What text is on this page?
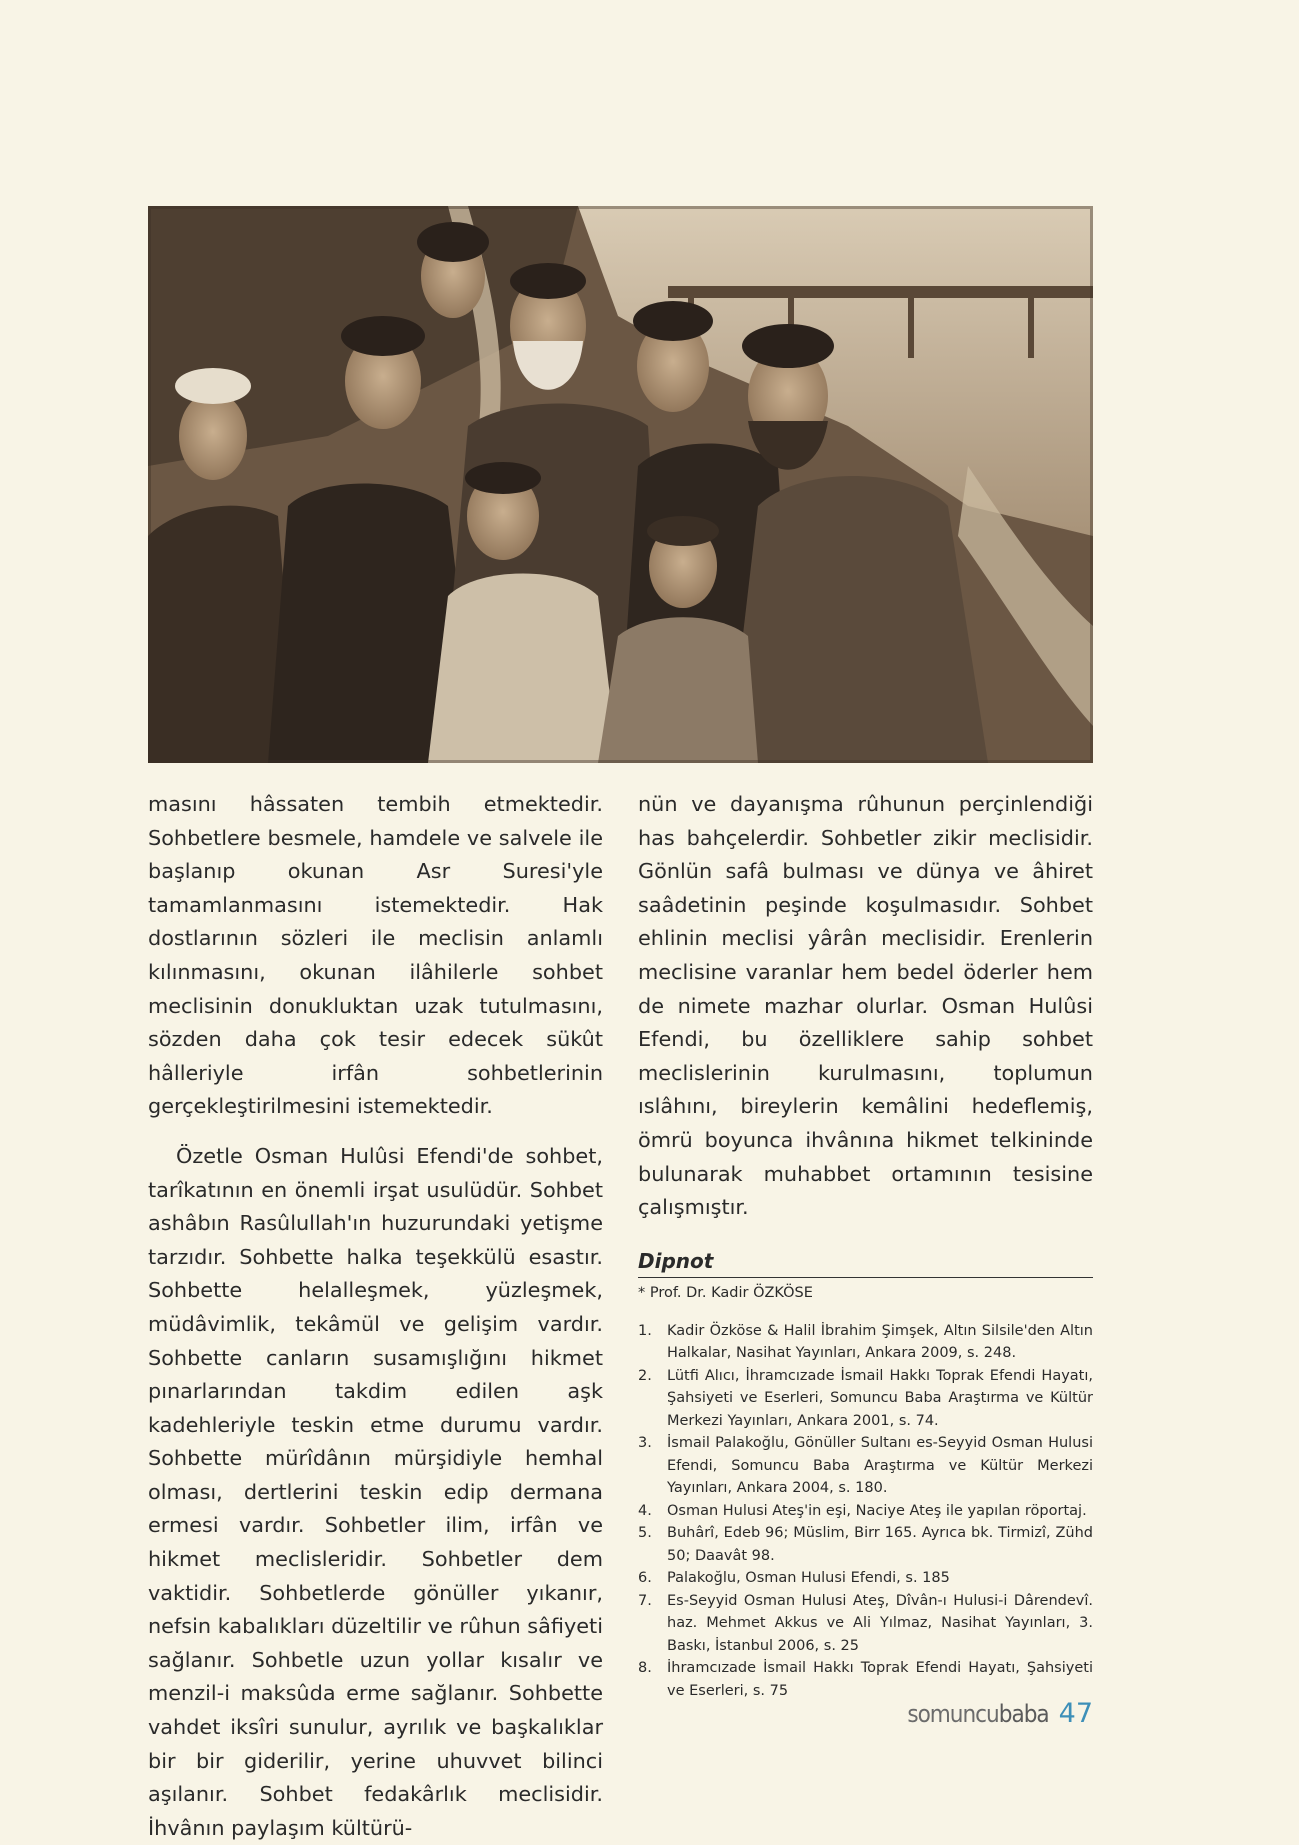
masını hâssaten tembih etmektedir. Sohbetlere besmele, hamdele ve salvele ile başlanıp okunan Asr Suresi'yle tamamlanmasını istemektedir. Hak dostlarının sözleri ile meclisin anlamlı kılınmasını, okunan ilâhilerle sohbet meclisinin donukluktan uzak tutulmasını, sözden daha çok tesir edecek sükût hâlleriyle irfân sohbetlerinin gerçekleştirilmesini istemektedir.

Özetle Osman Hulûsi Efendi'de sohbet, tarîkatının en önemli irşat usulüdür. Sohbet ashâbın Rasûlullah'ın huzurundaki yetişme tarzıdır. Sohbette halka teşekkülü esastır. Sohbette helalleşmek, yüzleşmek, müdâvimlik, tekâmül ve gelişim vardır. Sohbette canların susamışlığını hikmet pınarlarından takdim edilen aşk kadehleriyle teskin etme durumu vardır. Sohbette mürîdânın mürşidiyle hemhal olması, dertlerini teskin edip dermana ermesi vardır. Sohbetler ilim, irfân ve hikmet meclisleridir. Sohbetler dem vaktidir. Sohbetlerde gönüller yıkanır, nefsin kabalıkları düzeltilir ve rûhun sâfiyeti sağlanır. Sohbetle uzun yollar kısalır ve menzil-i maksûda erme sağlanır. Sohbette vahdet iksîri sunulur, ayrılık ve başkalıklar bir bir giderilir, yerine uhuvvet bilinci aşılanır. Sohbet fedakârlık meclisidir. İhvânın paylaşım kültürü-

nün ve dayanışma rûhunun perçinlendiği has bahçelerdir. Sohbetler zikir meclisidir. Gönlün safâ bulması ve dünya ve âhiret saâdetinin peşinde koşulmasıdır. Sohbet ehlinin meclisi yârân meclisidir. Erenlerin meclisine varanlar hem bedel öderler hem de nimete mazhar olurlar. Osman Hulûsi Efendi, bu özelliklere sahip sohbet meclislerinin kurulmasını, toplumun ıslâhını, bireylerin kemâlini hedeflemiş, ömrü boyunca ihvânına hikmet telkininde bulunarak muhabbet ortamının tesisine çalışmıştır.

Dipnot
* Prof. Dr. Kadir ÖZKÖSE
1.	Kadir Özköse & Halil İbrahim Şimşek, Altın Silsile'den Altın Halkalar, Nasihat Yayınları, Ankara 2009, s. 248.
2.	Lütfi Alıcı, İhramcızade İsmail Hakkı Toprak Efendi Hayatı, Şahsiyeti ve Eserleri, Somuncu Baba Araştırma ve Kültür Merkezi Yayınları, Ankara 2001, s. 74.
3.	İsmail Palakoğlu, Gönüller Sultanı es-Seyyid Osman Hulusi Efendi, Somuncu Baba Araştırma ve Kültür Merkezi Yayınları, Ankara 2004, s. 180.
4.	Osman Hulusi Ateş'in eşi, Naciye Ateş ile yapılan röportaj.
5.	Buhârî, Edeb 96; Müslim, Birr 165. Ayrıca bk. Tirmizî, Zühd 50; Daavât 98.
6.	Palakoğlu, Osman Hulusi Efendi, s. 185
7.	Es-Seyyid Osman Hulusi Ateş, Dîvân-ı Hulusi-i Dârendevî. haz. Mehmet Akkus ve Ali Yılmaz, Nasihat Yayınları, 3. Baskı, İstanbul 2006, s. 25
8.	İhramcızade İsmail Hakkı Toprak Efendi Hayatı, Şahsiyeti ve Eserleri, s. 75
somuncubaba 47
